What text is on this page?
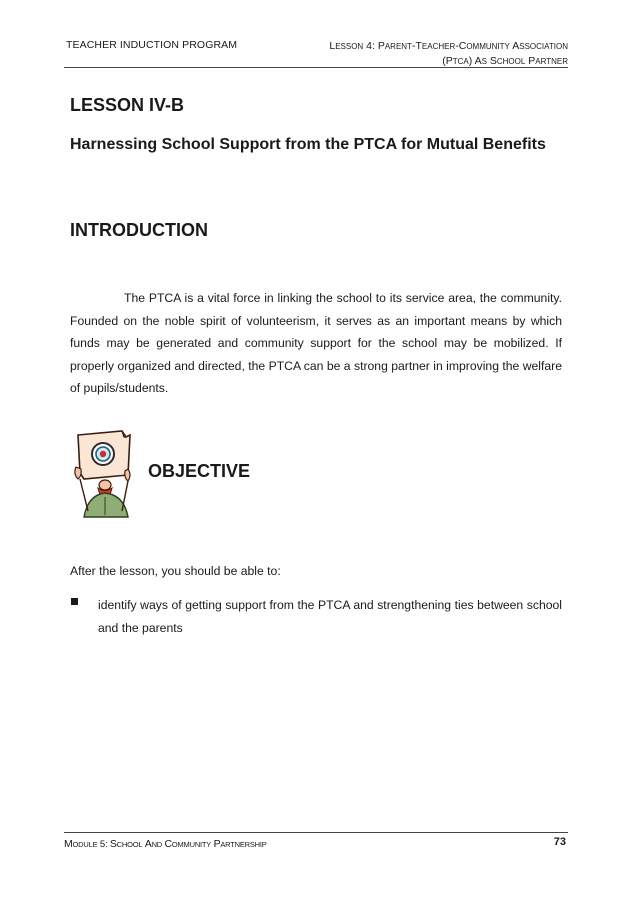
TEACHER INDUCTION PROGRAM	LESSON 4: PARENT-TEACHER-COMMUNITY ASSOCIATION
(PTCA) AS SCHOOL PARTNER
LESSON IV-B
Harnessing School Support from the PTCA for Mutual Benefits
INTRODUCTION
The PTCA is a vital force in linking the school to its service area, the community. Founded on the noble spirit of volunteerism, it serves as an important means by which funds may be generated and community support for the school may be mobilized. If properly organized and directed, the PTCA can be a strong partner in improving the welfare of pupils/students.
OBJECTIVE
After the lesson, you should be able to:
identify ways of getting support from the PTCA and strengthening ties between school and the parents
MODULE 5: SCHOOL AND COMMUNITY PARTNERSHIP	73
